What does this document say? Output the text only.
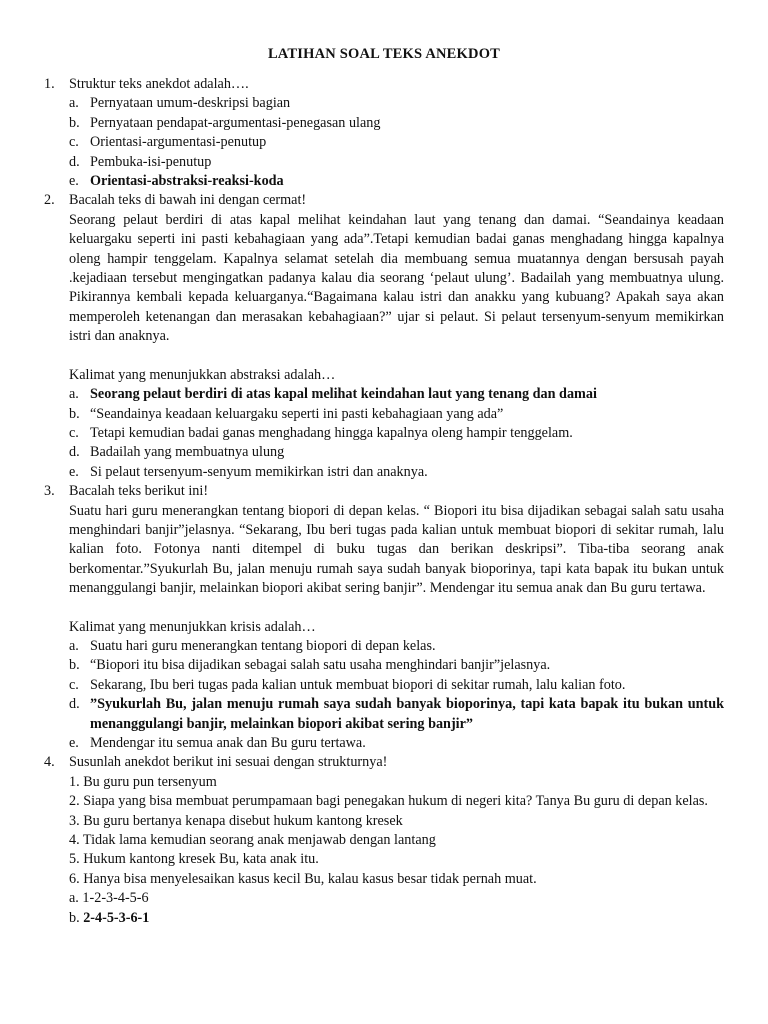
LATIHAN SOAL TEKS ANEKDOT
1. Struktur teks anekdot adalah….
a. Pernyataan umum-deskripsi bagian
b. Pernyataan pendapat-argumentasi-penegasan ulang
c. Orientasi-argumentasi-penutup
d. Pembuka-isi-penutup
e. Orientasi-abstraksi-reaksi-koda
2. Bacalah teks di bawah ini dengan cermat!
Seorang pelaut berdiri di atas kapal melihat keindahan laut yang tenang dan damai. “Seandainya keadaan keluargaku seperti ini pasti kebahagiaan yang ada”.Tetapi kemudian badai ganas menghadang hingga kapalnya oleng hampir tenggelam. Kapalnya selamat setelah dia membuang semua muatannya dengan bersusah payah .kejadiaan tersebut mengingatkan padanya kalau dia seorang ‘pelaut ulung’. Badailah yang membuatnya ulung. Pikirannya kembali kepada keluarganya.“Bagaimana kalau istri dan anakku yang kubuang? Apakah saya akan memperoleh ketenangan dan merasakan kebahagiaan?” ujar si pelaut. Si pelaut tersenyum-senyum memikirkan istri dan anaknya.
Kalimat yang menunjukkan abstraksi adalah…
a. Seorang pelaut berdiri di atas kapal melihat keindahan laut yang tenang dan damai
b. “Seandainya keadaan keluargaku seperti ini pasti kebahagiaan yang ada”
c. Tetapi kemudian badai ganas menghadang hingga kapalnya oleng hampir tenggelam.
d. Badailah yang membuatnya ulung
e. Si pelaut tersenyum-senyum memikirkan istri dan anaknya.
3. Bacalah teks berikut ini!
Suatu hari guru menerangkan tentang biopori di depan kelas. “ Biopori itu bisa dijadikan sebagai salah satu usaha menghindari banjir”jelasnya. “Sekarang, Ibu beri tugas pada kalian untuk membuat biopori di sekitar rumah, lalu kalian foto. Fotonya nanti ditempel di buku tugas dan berikan deskripsi”. Tiba-tiba seorang anak berkomentar.”Syukurlah Bu, jalan menuju rumah saya sudah banyak bioporinya, tapi kata bapak itu bukan untuk menanggulangi banjir, melainkan biopori akibat sering banjir”. Mendengar itu semua anak dan Bu guru tertawa.
Kalimat yang menunjukkan krisis adalah…
a. Suatu hari guru menerangkan tentang biopori di depan kelas.
b. “Biopori itu bisa dijadikan sebagai salah satu usaha menghindari banjir”jelasnya.
c. Sekarang, Ibu beri tugas pada kalian untuk membuat biopori di sekitar rumah, lalu kalian foto.
d. ”Syukurlah Bu, jalan menuju rumah saya sudah banyak bioporinya, tapi kata bapak itu bukan untuk menanggulangi banjir, melainkan biopori akibat sering banjir”
e. Mendengar itu semua anak dan Bu guru tertawa.
4. Susunlah anekdot berikut ini sesuai dengan strukturnya!
1. Bu guru pun tersenyum
2. Siapa yang bisa membuat perumpamaan bagi penegakan hukum di negeri kita? Tanya Bu guru di depan kelas.
3. Bu guru bertanya kenapa disebut hukum kantong kresek
4. Tidak lama kemudian seorang anak menjawab dengan lantang
5. Hukum kantong kresek Bu, kata anak itu.
6. Hanya bisa menyelesaikan kasus kecil Bu, kalau kasus besar tidak pernah muat.
a. 1-2-3-4-5-6
b. 2-4-5-3-6-1
